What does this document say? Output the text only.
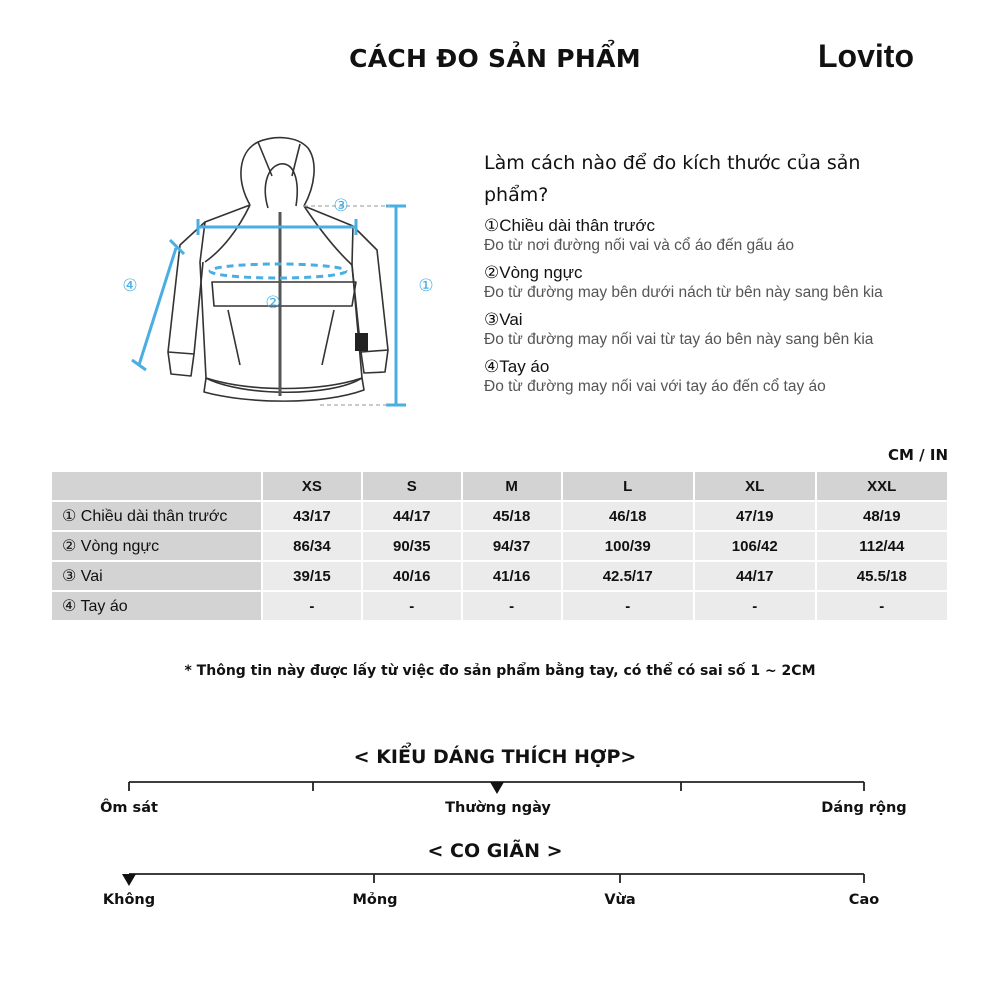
CÁCH ĐO SẢN PHẨM	Lovito
④
②
③
①
Làm cách nào để đo kích thước của sản phẩm?
①Chiều dài thân trước
Đo từ nơi đường nối vai và cổ áo đến gấu áo
②Vòng ngực
Đo từ đường may bên dưới nách từ bên này sang bên kia
③Vai
Đo từ đường may nối vai từ tay áo bên này sang bên kia
④Tay áo
Đo từ đường may nối vai với tay áo đến cổ tay áo
CM / IN
	XS	S	M	L	XL	XXL
① Chiều dài thân trước	43/17	44/17	45/18	46/18	47/19	48/19
② Vòng ngực	86/34	90/35	94/37	100/39	106/42	112/44
③ Vai	39/15	40/16	41/16	42.5/17	44/17	45.5/18
④ Tay áo	-	-	-	-	-	-
* Thông tin này được lấy từ việc đo sản phẩm bằng tay, có thể có sai số 1 ~ 2CM
< KIỂU DÁNG THÍCH HỢP>
Ôm sát	Thường ngày	Dáng rộng
< CO GIÃN >
Không	Mỏng	Vừa	Cao
